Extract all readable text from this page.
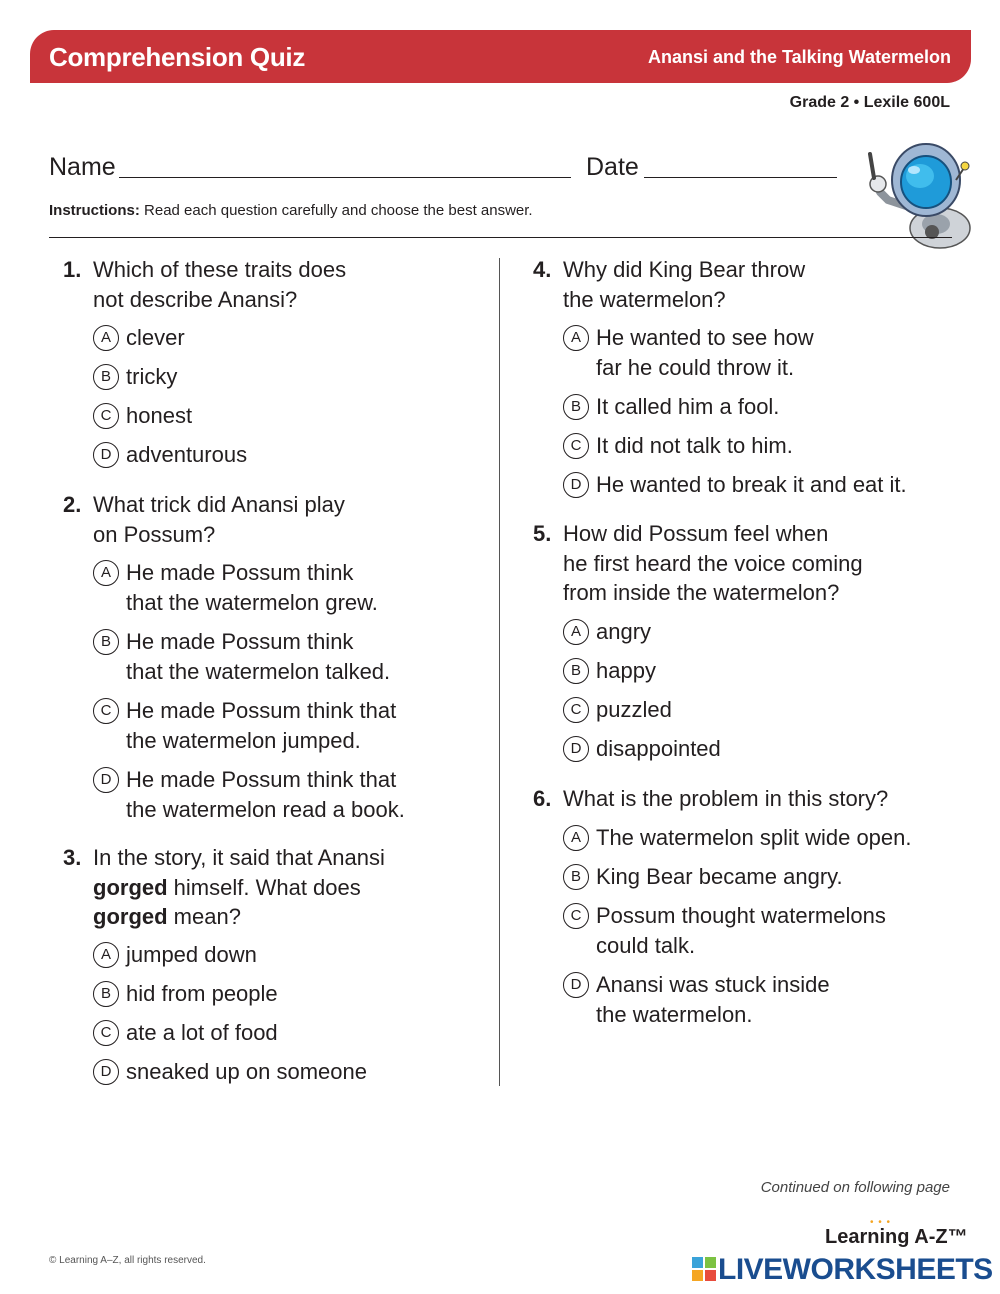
Comprehension Quiz	Anansi and the Talking Watermelon
Grade 2 • Lexile 600L
Name	Date
Instructions: Read each question carefully and choose the best answer.
1. Which of these traits does
not describe Anansi?
A clever
B tricky
C honest
D adventurous
2. What trick did Anansi play
on Possum?
A He made Possum think
that the watermelon grew.
B He made Possum think
that the watermelon talked.
C He made Possum think that
the watermelon jumped.
D He made Possum think that
the watermelon read a book.
3. In the story, it said that Anansi
gorged himself. What does
gorged mean?
A jumped down
B hid from people
C ate a lot of food
D sneaked up on someone
4. Why did King Bear throw
the watermelon?
A He wanted to see how
far he could throw it.
B It called him a fool.
C It did not talk to him.
D He wanted to break it and eat it.
5. How did Possum feel when
he first heard the voice coming
from inside the watermelon?
A angry
B happy
C puzzled
D disappointed
6. What is the problem in this story?
A The watermelon split wide open.
B King Bear became angry.
C Possum thought watermelons
could talk.
D Anansi was stuck inside
the watermelon.
Continued on following page
© Learning A–Z, all rights reserved.
• • •
Learning A-Z™
LIVEWORKSHEETS
